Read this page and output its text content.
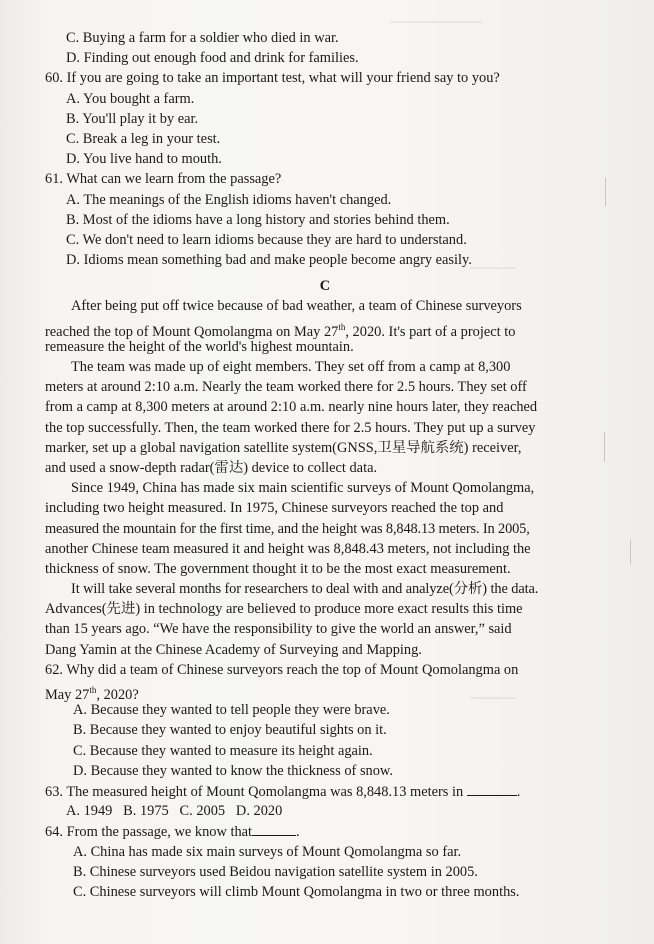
──────────
─────
─────
C. Buying a farm for a soldier who died in war.
D. Finding out enough food and drink for families.
60. If you are going to take an important test, what will your friend say to you?
A. You bought a farm.
B. You'll play it by ear.
C. Break a leg in your test.
D. You live hand to mouth.
61. What can we learn from the passage?
A. The meanings of the English idioms haven't changed.
B. Most of the idioms have a long history and stories behind them.
C. We don't need to learn idioms because they are hard to understand.
D. Idioms mean something bad and make people become angry easily.
C
After being put off twice because of bad weather, a team of Chinese surveyors
reached the top of Mount Qomolangma on May 27th, 2020. It's part of a project to
remeasure the height of the world's highest mountain.
The team was made up of eight members. They set off from a camp at 8,300
meters at around 2:10 a.m. Nearly the team worked there for 2.5 hours. They set off
from a camp at 8,300 meters at around 2:10 a.m. nearly nine hours later, they reached
the top successfully. Then, the team worked there for 2.5 hours. They put up a survey
marker, set up a global navigation satellite system(GNSS,卫星导航系统) receiver,
and used a snow-depth radar(雷达) device to collect data.
Since 1949, China has made six main scientific surveys of Mount Qomolangma,
including two height measured. In 1975, Chinese surveyors reached the top and
measured the mountain for the first time, and the height was 8,848.13 meters. In 2005,
another Chinese team measured it and height was 8,848.43 meters, not including the
thickness of snow. The government thought it to be the most exact measurement.
It will take several months for researchers to deal with and analyze(分析) the data.
Advances(先进) in technology are believed to produce more exact results this time
than 15 years ago. “We have the responsibility to give the world an answer,” said
Dang Yamin at the Chinese Academy of Surveying and Mapping.
62. Why did a team of Chinese surveyors reach the top of Mount Qomolangma on
May 27th, 2020?
A. Because they wanted to tell people they were brave.
B. Because they wanted to enjoy beautiful sights on it.
C. Because they wanted to measure its height again.
D. Because they wanted to know the thickness of snow.
63. The measured height of Mount Qomolangma was 8,848.13 meters in	.
A. 1949 B. 1975 C. 2005 D. 2020
64. From the passage, we know that	.
A. China has made six main surveys of Mount Qomolangma so far.
B. Chinese surveyors used Beidou navigation satellite system in 2005.
C. Chinese surveyors will climb Mount Qomolangma in two or three months.
